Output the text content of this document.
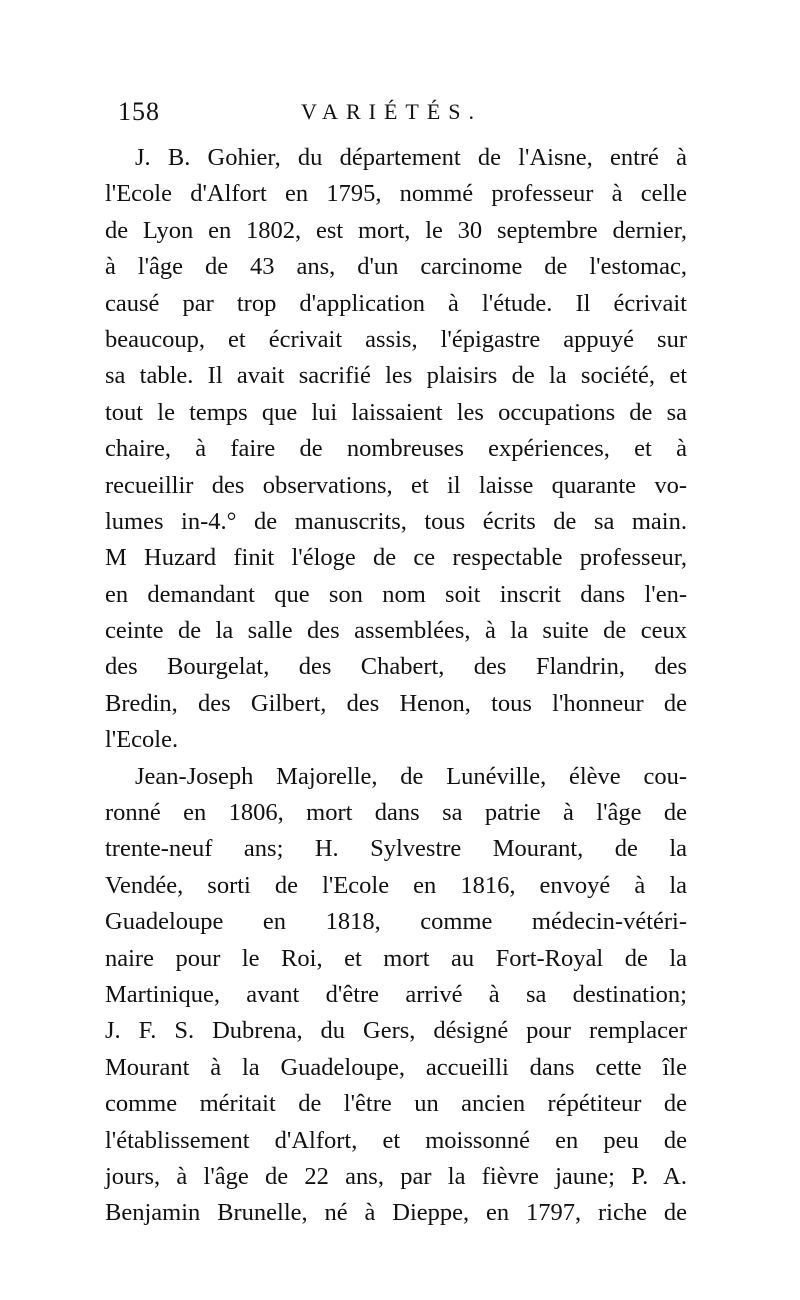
158	VARIÉTÉS.
J. B. Gohier, du département de l'Aisne, entré à
l'Ecole d'Alfort en 1795, nommé professeur à celle
de Lyon en 1802, est mort, le 30 septembre dernier,
à l'âge de 43 ans, d'un carcinome de l'estomac,
causé par trop d'application à l'étude. Il écrivait
beaucoup, et écrivait assis, l'épigastre appuyé sur
sa table. Il avait sacrifié les plaisirs de la société, et
tout le temps que lui laissaient les occupations de sa
chaire, à faire de nombreuses expériences, et à
recueillir des observations, et il laisse quarante vo-
lumes in-4.° de manuscrits, tous écrits de sa main.
M Huzard finit l'éloge de ce respectable professeur,
en demandant que son nom soit inscrit dans l'en-
ceinte de la salle des assemblées, à la suite de ceux
des Bourgelat, des Chabert, des Flandrin, des
Bredin, des Gilbert, des Henon, tous l'honneur de
l'Ecole.
Jean-Joseph Majorelle, de Lunéville, élève cou-
ronné en 1806, mort dans sa patrie à l'âge de
trente-neuf ans; H. Sylvestre Mourant, de la
Vendée, sorti de l'Ecole en 1816, envoyé à la
Guadeloupe en 1818, comme médecin-vétéri-
naire pour le Roi, et mort au Fort-Royal de la
Martinique, avant d'être arrivé à sa destination;
J. F. S. Dubrena, du Gers, désigné pour remplacer
Mourant à la Guadeloupe, accueilli dans cette île
comme méritait de l'être un ancien répétiteur de
l'établissement d'Alfort, et moissonné en peu de
jours, à l'âge de 22 ans, par la fièvre jaune; P. A.
Benjamin Brunelle, né à Dieppe, en 1797, riche de
